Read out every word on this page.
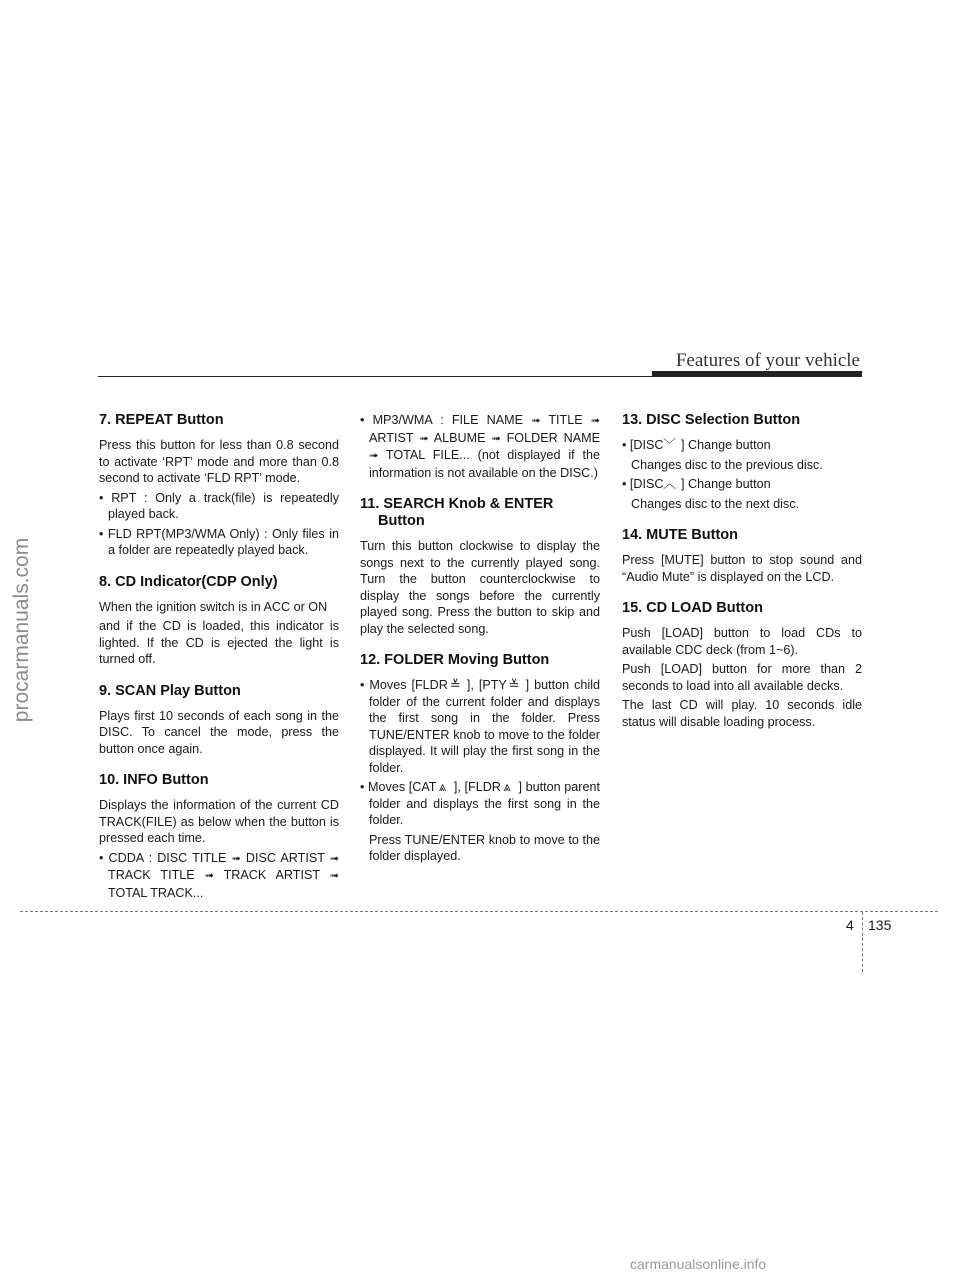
procarmanuals.com
Features of your vehicle
7. REPEAT Button

Press this button for less than 0.8 second to activate ‘RPT’ mode and more than 0.8 second to activate ‘FLD RPT’ mode.

• RPT : Only a track(file) is repeatedly played back.

• FLD RPT(MP3/WMA Only) : Only files in a folder are repeatedly played back.

8. CD Indicator(CDP Only)

When the ignition switch is in ACC or ON

and if the CD is loaded, this indicator is lighted. If the CD is ejected the light is turned off.

9. SCAN Play Button

Plays first 10 seconds of each song in the DISC. To cancel the mode, press the button once again.

10. INFO Button

Displays the information of the current CD TRACK(FILE) as below when the button is pressed each time.

• CDDA : DISC TITLE ➟ DISC ARTIST ➟ TRACK TITLE ➟ TRACK ARTIST ➟ TOTAL TRACK...

• MP3/WMA : FILE NAME ➟ TITLE ➟ ARTIST ➟ ALBUME ➟ FOLDER NAME ➟ TOTAL FILE... (not displayed if the information is not available on the DISC.)

11. SEARCH Knob & ENTER Button

Turn this button clockwise to display the songs next to the currently played song. Turn the button counterclockwise to display the songs before the currently played song. Press the button to skip and play the selected song.

12. FOLDER Moving Button

• Moves [FLDR ≚ ], [PTY ≚ ] button child folder of the current folder and displays the first song in the folder. Press TUNE/ENTER knob to move to the folder displayed. It will play the first song in the folder.

• Moves [CAT ⩓ ], [FLDR ⩓ ] button parent folder and displays the first song in the folder.

Press TUNE/ENTER knob to move to the folder displayed.

13. DISC Selection Button

• [DISC ﹀ ] Change button

Changes disc to the previous disc.

• [DISC ︿ ] Change button

Changes disc to the next disc.

14. MUTE Button

Press [MUTE] button to stop sound and “Audio Mute” is displayed on the LCD.

15. CD LOAD Button

Push [LOAD] button to load CDs to available CDC deck (from 1~6).

Push [LOAD] button for more than 2 seconds to load into all available decks.

The last CD will play. 10 seconds idle status will disable loading process.

4 135
carmanualsonline.info
